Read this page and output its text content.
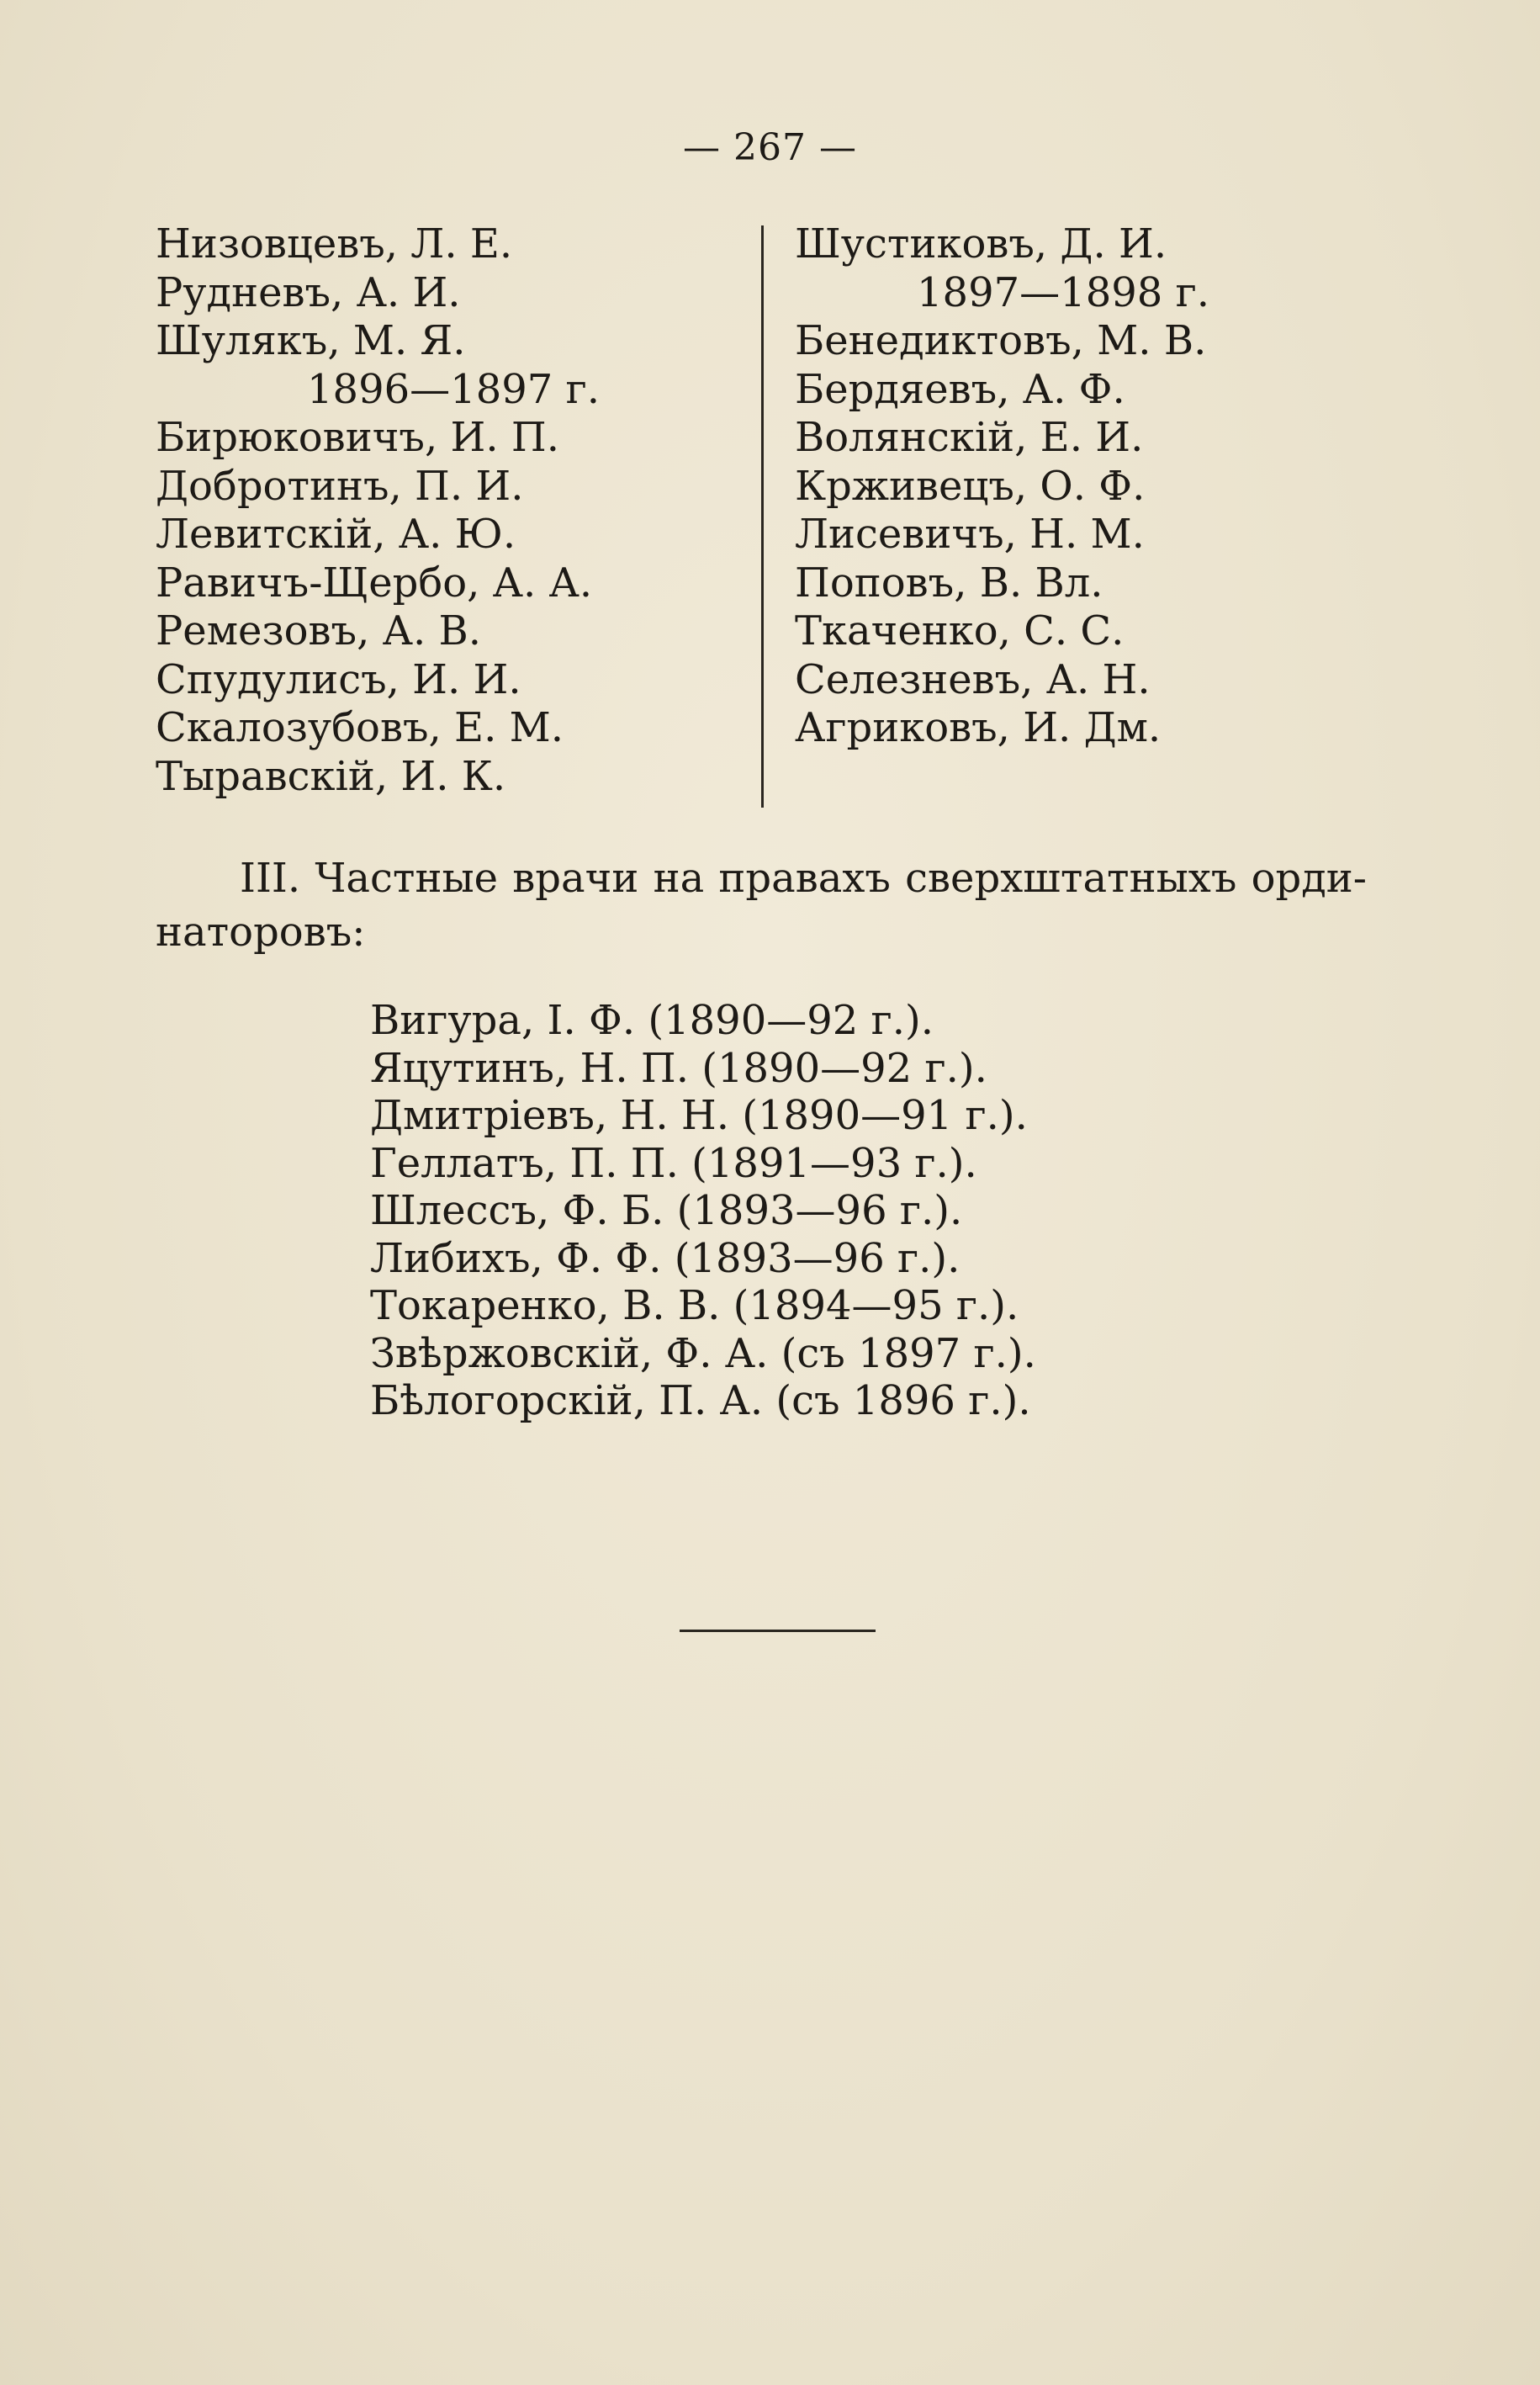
— 267 —
Низовцевъ, Л. Е.
Рудневъ, А. И.
Шулякъ, М. Я.
1896—1897 г.
Бирюковичъ, И. П.
Добротинъ, П. И.
Левитскій, А. Ю.
Равичъ-Щербо, А. А.
Ремезовъ, А. В.
Спудулисъ, И. И.
Скалозубовъ, Е. М.
Тыравскій, И. К.
Шустиковъ, Д. И.
1897—1898 г.
Бенедиктовъ, М. В.
Бердяевъ, А. Ф.
Волянскій, Е. И.
Крживецъ, О. Ф.
Лисевичъ, Н. М.
Поповъ, В. Вл.
Ткаченко, С. С.
Селезневъ, А. Н.
Агриковъ, И. Дм.
III. Частные врачи на правахъ сверхштатныхъ орди-
наторовъ:
Вигура, І. Ф. (1890—92 г.).
Яцутинъ, Н. П. (1890—92 г.).
Дмитріевъ, Н. Н. (1890—91 г.).
Геллатъ, П. П. (1891—93 г.).
Шлессъ, Ф. Б. (1893—96 г.).
Либихъ, Ф. Ф. (1893—96 г.).
Токаренко, В. В. (1894—95 г.).
Звѣржовскій, Ф. А. (съ 1897 г.).
Бѣлогорскій, П. А. (съ 1896 г.).
